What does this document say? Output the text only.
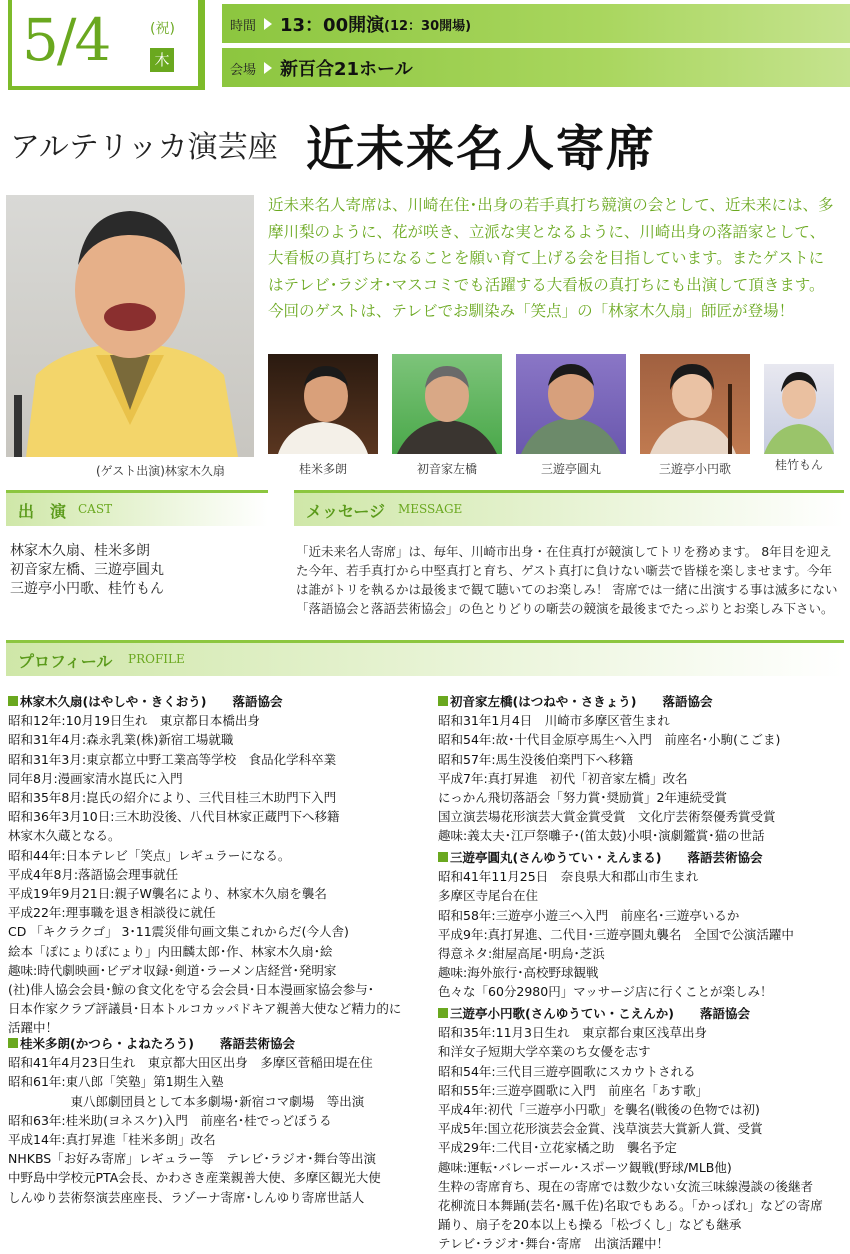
5/4	(祝)
木
時間 13：00開演 (12：30開場)
会場 新百合21ホール
アルテリッカ演芸座 近未来名人寄席
(ゲスト出演)林家木久扇
近未来名人寄席は、川崎在住･出身の若手真打ち競演の会として、近未来には、多摩川梨のように、花が咲き、立派な実となるように、川崎出身の落語家として、大看板の真打ちになることを願い育て上げる会を目指しています。またゲストにはテレビ･ラジオ･マスコミでも活躍する大看板の真打ちにも出演して頂きます。今回のゲストは、テレビでお馴染み「笑点」の「林家木久扇」師匠が登場！
桂米多朗	初音家左橋	三遊亭圓丸	三遊亭小円歌	桂竹もん
出　演 CAST
林家木久扇、桂米多朗
初音家左橋、三遊亭圓丸
三遊亭小円歌、桂竹もん
メッセージ MESSAGE
「近未来名人寄席」は、毎年、川崎市出身・在住真打が競演してトリを務めます。 8年目を迎えた今年、若手真打から中堅真打と育ち、ゲスト真打に負けない噺芸で皆様を楽しませます。今年は誰がトリを執るかは最後まで観て聴いてのお楽しみ！ 寄席では一緒に出演する事は滅多にない「落語協会と落語芸術協会」の色とりどりの噺芸の競演を最後までたっぷりとお楽しみ下さい。
プロフィール PROFILE
林家木久扇(はやしや・きくおう) 落語協会
昭和12年:10月19日生れ　東京都日本橋出身
昭和31年4月:森永乳業(株)新宿工場就職
昭和31年3月:東京都立中野工業高等学校　食品化学科卒業
同年8月:漫画家清水崑氏に入門
昭和35年8月:崑氏の紹介により、三代目桂三木助門下入門
昭和36年3月10日:三木助没後、八代目林家正蔵門下へ移籍
林家木久蔵となる。
昭和44年:日本テレビ「笑点」レギュラーになる。
平成4年8月:落語協会理事就任
平成19年9月21日:親子W襲名により、林家木久扇を襲名
平成22年:理事職を退き相談役に就任
CD 「キクラクゴ」 3･11震災俳句画文集これからだ(今人舎)
絵本「ぽにょりぽにょり」内田麟太郎･作、林家木久扇･絵
趣味:時代劇映画･ビデオ収録･剣道･ラーメン店経営･発明家
(社)俳人協会会員･鯨の食文化を守る会会員･日本漫画家協会参与･
日本作家クラブ評議員･日本トルコカッパドキア親善大使など精力的に
活躍中！
桂米多朗(かつら・よねたろう) 落語芸術協会
昭和41年4月23日生れ　東京都大田区出身　多摩区菅稲田堤在住
昭和61年:東八郎「笑塾」第1期生入塾
　　　　　東八郎劇団員として本多劇場･新宿コマ劇場　等出演
昭和63年:桂米助(ヨネスケ)入門　前座名･桂でっどぼうる
平成14年:真打昇進「桂米多朗」改名
NHKBS「お好み寄席」レギュラー等　テレビ･ラジオ･舞台等出演
中野島中学校元PTA会長、かわさき産業親善大使、多摩区観光大使
しんゆり芸術祭演芸座座長、ラゾーナ寄席･しんゆり寄席世話人
初音家左橋(はつねや・さきょう) 落語協会
昭和31年1月4日　川崎市多摩区菅生まれ
昭和54年:故･十代目金原亭馬生へ入門　前座名･小駒(こごま)
昭和57年:馬生没後伯楽門下へ移籍
平成7年:真打昇進　初代「初音家左橋」改名
にっかん飛切落語会「努力賞･奨励賞」2年連続受賞
国立演芸場花形演芸大賞金賞受賞　文化庁芸術祭優秀賞受賞
趣味:義太夫･江戸祭囃子･(笛太鼓)小唄･演劇鑑賞･猫の世話
三遊亭圓丸(さんゆうてい・えんまる) 落語芸術協会
昭和41年11月25日　奈良県大和郡山市生まれ
多摩区寺尾台在住
昭和58年:三遊亭小遊三へ入門　前座名･三遊亭いるか
平成9年:真打昇進、二代目･三遊亭圓丸襲名　全国で公演活躍中
得意ネタ:紺屋高尾･明烏･芝浜
趣味:海外旅行･高校野球観戦
色々な「60分2980円」マッサージ店に行くことが楽しみ！
三遊亭小円歌(さんゆうてい・こえんか) 落語協会
昭和35年:11月3日生れ　東京都台東区浅草出身
和洋女子短期大学卒業のち女優を志す
昭和54年:三代目三遊亭圓歌にスカウトされる
昭和55年:三遊亭圓歌に入門　前座名「あす歌」
平成4年:初代「三遊亭小円歌」を襲名(戦後の色物では初)
平成5年:国立花形演芸会金賞、浅草演芸大賞新人賞、受賞
平成29年:二代目･立花家橘之助　襲名予定
趣味:運転･バレーボール･スポーツ観戦(野球/MLB他)
生粋の寄席育ち、現在の寄席では数少ない女流三味線漫談の後継者
花柳流日本舞踊(芸名･鳳千佐)名取でもある。「かっぽれ」などの寄席
踊り、扇子を20本以上も操る「松づくし」なども継承
テレビ･ラジオ･舞台･寄席　出演活躍中！
